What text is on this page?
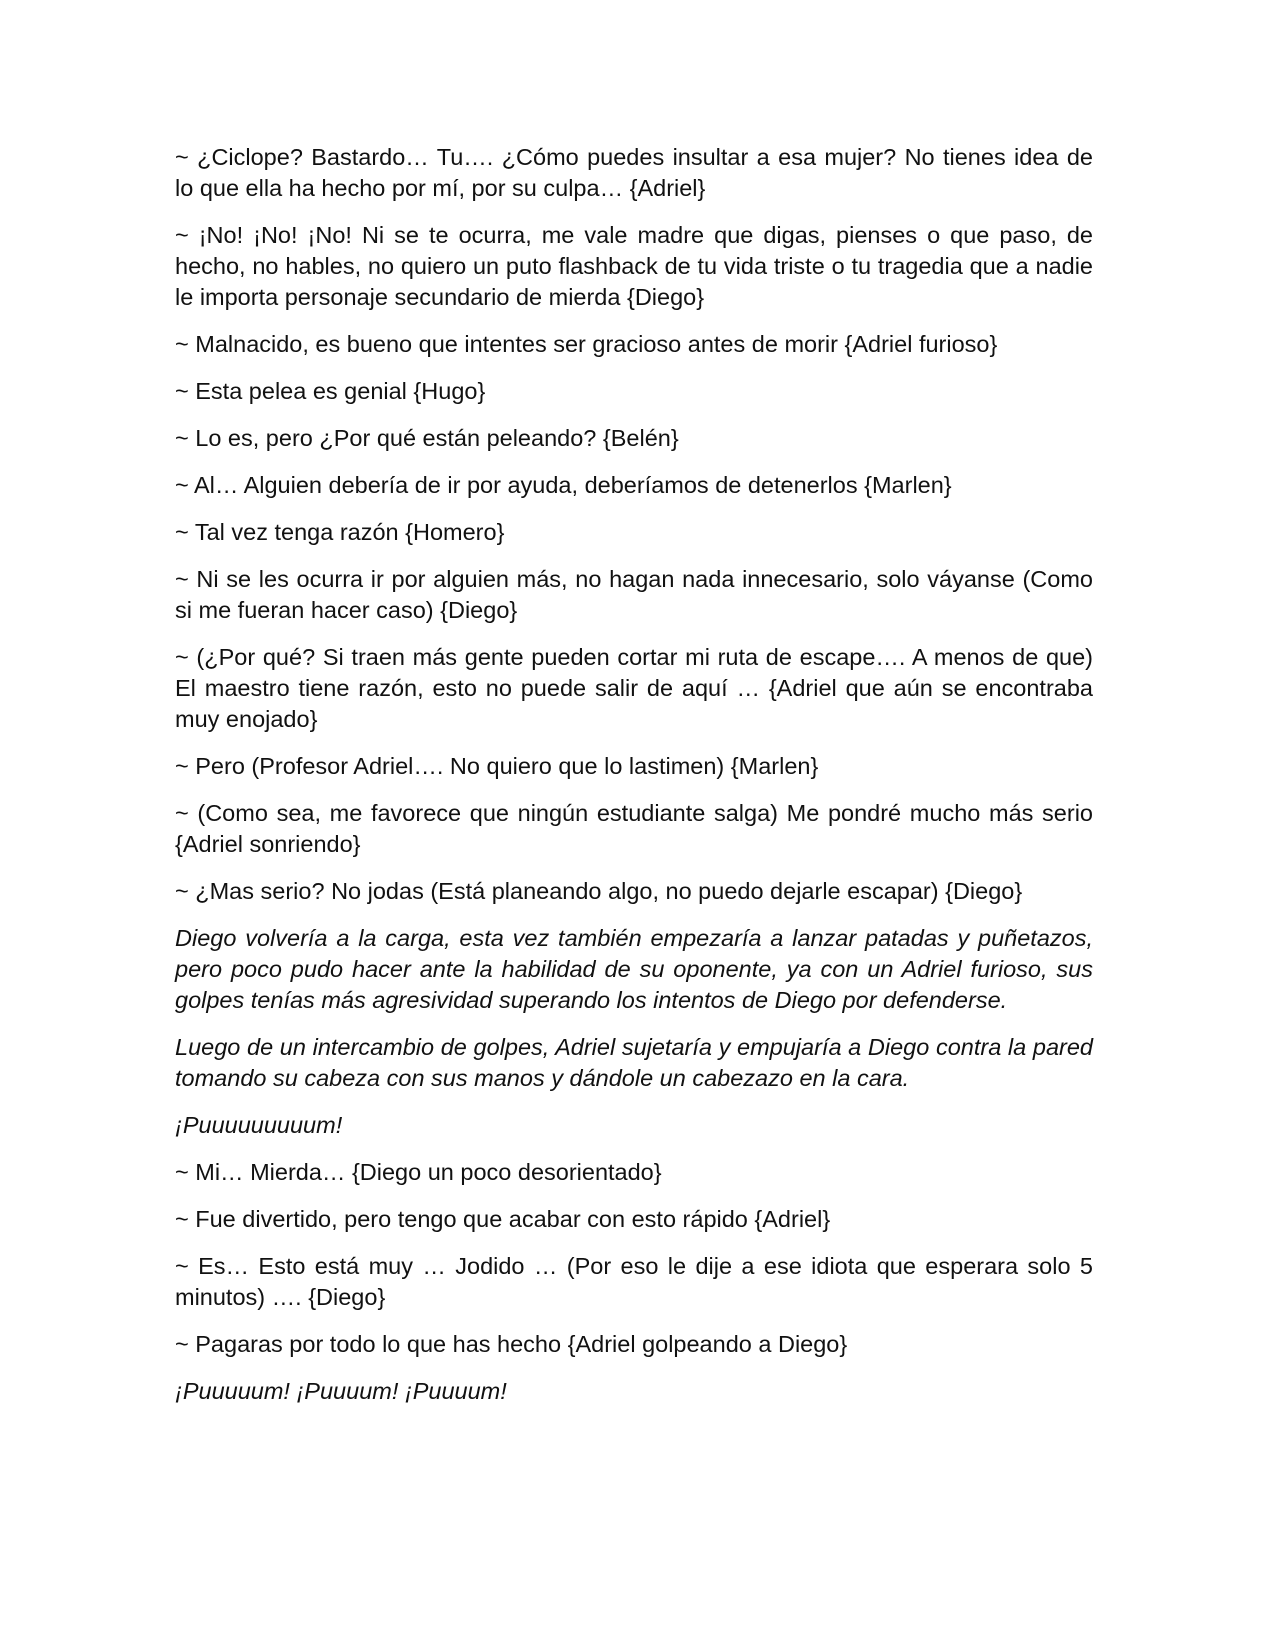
~ ¿Ciclope? Bastardo… Tu…. ¿Cómo puedes insultar a esa mujer? No tienes idea de lo que ella ha hecho por mí, por su culpa… {Adriel}

~ ¡No! ¡No! ¡No! Ni se te ocurra, me vale madre que digas, pienses o que paso, de hecho, no hables, no quiero un puto flashback de tu vida triste o tu tragedia que a nadie le importa personaje secundario de mierda {Diego}

~ Malnacido, es bueno que intentes ser gracioso antes de morir {Adriel furioso}

~ Esta pelea es genial {Hugo}

~ Lo es, pero ¿Por qué están peleando? {Belén}

~ Al… Alguien debería de ir por ayuda, deberíamos de detenerlos {Marlen}

~ Tal vez tenga razón {Homero}

~ Ni se les ocurra ir por alguien más, no hagan nada innecesario, solo váyanse (Como si me fueran hacer caso) {Diego}

~ (¿Por qué? Si traen más gente pueden cortar mi ruta de escape…. A menos de que) El maestro tiene razón, esto no puede salir de aquí … {Adriel que aún se encontraba muy enojado}

~ Pero (Profesor Adriel…. No quiero que lo lastimen) {Marlen}

~ (Como sea, me favorece que ningún estudiante salga) Me pondré mucho más serio {Adriel sonriendo}

~ ¿Mas serio? No jodas (Está planeando algo, no puedo dejarle escapar) {Diego}

Diego volvería a la carga, esta vez también empezaría a lanzar patadas y puñetazos, pero poco pudo hacer ante la habilidad de su oponente, ya con un Adriel furioso, sus golpes tenías más agresividad superando los intentos de Diego por defenderse.

Luego de un intercambio de golpes, Adriel sujetaría y empujaría a Diego contra la pared tomando su cabeza con sus manos y dándole un cabezazo en la cara.

¡Puuuuuuuuum!

~ Mi… Mierda… {Diego un poco desorientado}

~ Fue divertido, pero tengo que acabar con esto rápido {Adriel}

~ Es… Esto está muy … Jodido … (Por eso le dije a ese idiota que esperara solo 5 minutos) …. {Diego}

~ Pagaras por todo lo que has hecho {Adriel golpeando a Diego}

¡Puuuuum! ¡Puuuum! ¡Puuuum!
